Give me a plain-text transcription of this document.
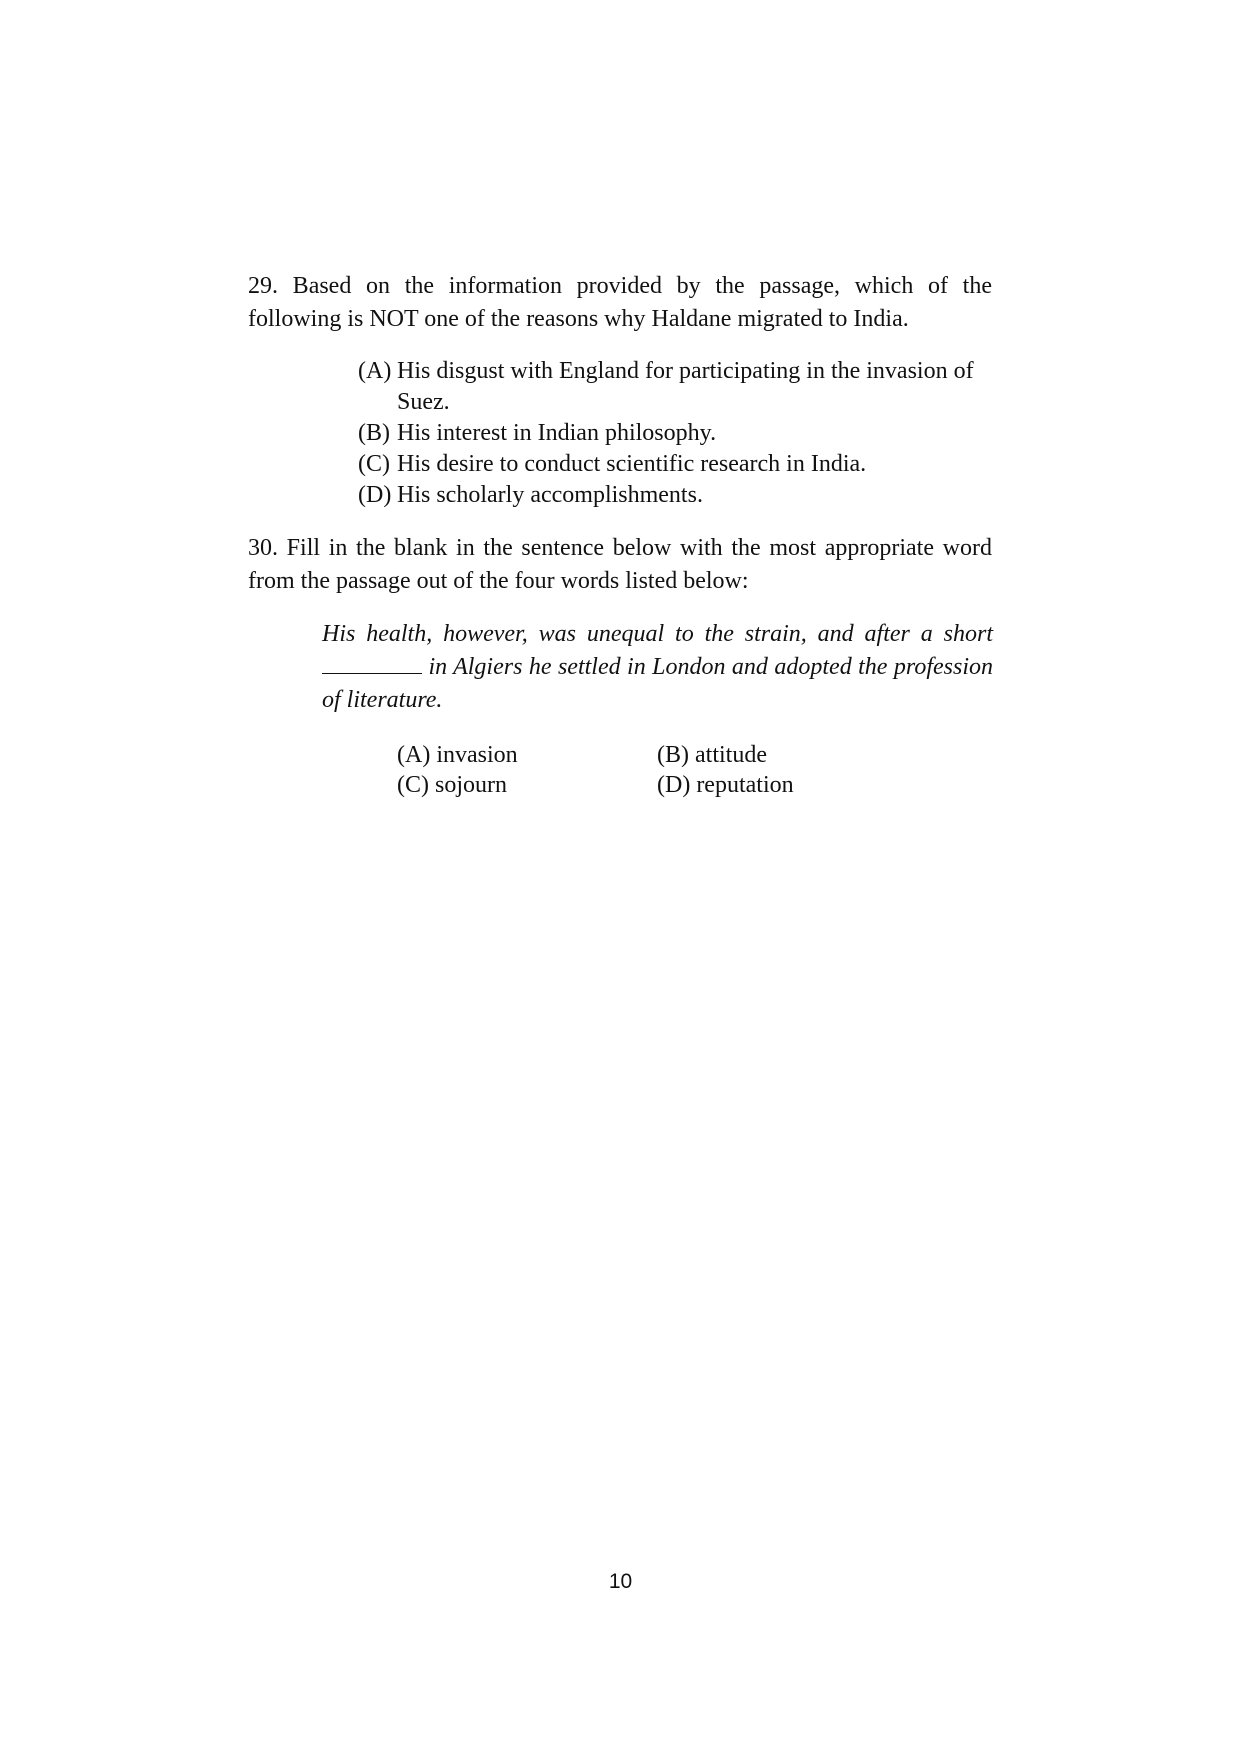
29. Based on the information provided by the passage, which of the following is NOT one of the reasons why Haldane migrated to India.
(A) His disgust with England for participating in the invasion of Suez.
(B) His interest in Indian philosophy.
(C) His desire to conduct scientific research in India.
(D) His scholarly accomplishments.
30. Fill in the blank in the sentence below with the most appropriate word from the passage out of the four words listed below:
His health, however, was unequal to the strain, and after a short  in Algiers he settled in London and adopted the profession of literature.
(A) invasion	(B) attitude
(C) sojourn	(D) reputation
10
